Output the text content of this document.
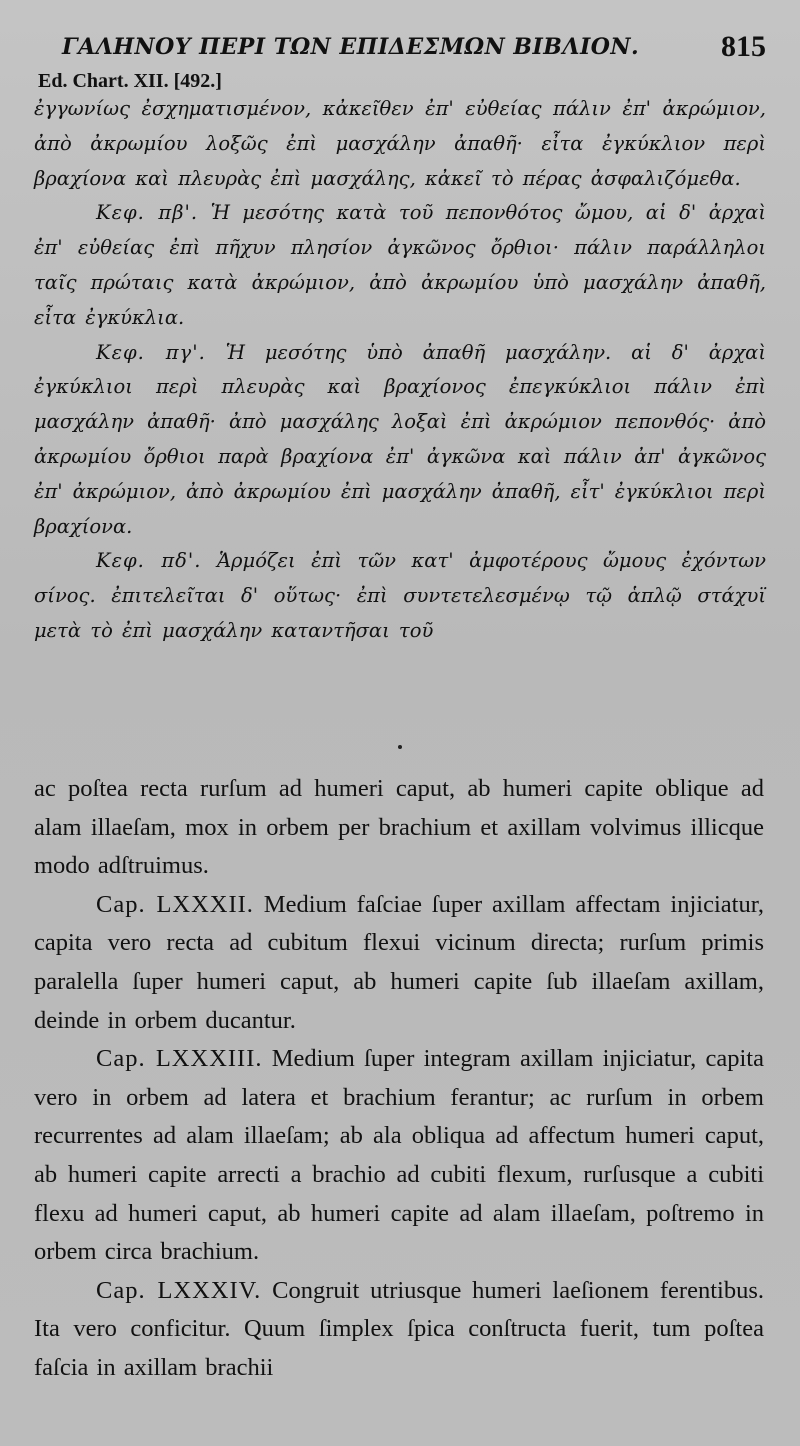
ΓΑΛΗΝΟΥ ΠΕΡΙ ΤΩΝ ΕΠΙΔΕΣΜΩΝ ΒΙΒΛΙΟΝ.	815
Ed. Chart. XII. [492.]

ἐγγωνίως ἐσχηματισμένον, κἀκεῖθεν ἐπ' εὐθείας πάλιν ἐπ' ἀκρώμιον, ἀπὸ ἀκρωμίου λοξῶς ἐπὶ μασχάλην ἀπαθῆ· εἶτα ἐγκύκλιον περὶ βραχίονα καὶ πλευρὰς ἐπὶ μασχάλης, κἀκεῖ τὸ πέρας ἀσφαλιζόμεθα.

Κεφ. πβ'. Ἡ μεσότης κατὰ τοῦ πεπονθότος ὤμου, αἱ δ' ἀρχαὶ ἐπ' εὐθείας ἐπὶ πῆχυν πλησίον ἀγκῶνος ὄρθιοι· πάλιν παράλληλοι ταῖς πρώταις κατὰ ἀκρώμιον, ἀπὸ ἀκρωμίου ὑπὸ μασχάλην ἀπαθῆ, εἶτα ἐγκύκλια.

Κεφ. πγ'. Ἡ μεσότης ὑπὸ ἀπαθῆ μασχάλην. αἱ δ' ἀρχαὶ ἐγκύκλιοι περὶ πλευρὰς καὶ βραχίονος ἐπεγκύκλιοι πάλιν ἐπὶ μασχάλην ἀπαθῆ· ἀπὸ μασχάλης λοξαὶ ἐπὶ ἀκρώμιον πεπονθός· ἀπὸ ἀκρωμίου ὄρθιοι παρὰ βραχίονα ἐπ' ἀγκῶνα καὶ πάλιν ἀπ' ἀγκῶνος ἐπ' ἀκρώμιον, ἀπὸ ἀκρωμίου ἐπὶ μασχάλην ἀπαθῆ, εἶτ' ἐγκύκλιοι περὶ βραχίονα.

Κεφ. πδ'. Ἁρμόζει ἐπὶ τῶν κατ' ἀμφοτέρους ὤμους ἐχόντων σίνος. ἐπιτελεῖται δ' οὕτως· ἐπὶ συντετελεσμένῳ τῷ ἁπλῷ στάχυϊ μετὰ τὸ ἐπὶ μασχάλην καταντῆσαι τοῦ

ac poſtea recta rurſum ad humeri caput, ab humeri capite oblique ad alam illaeſam, mox in orbem per brachium et axillam volvimus illicque modo adſtruimus.

Cap. LXXXII. Medium faſciae ſuper axillam affectam injiciatur, capita vero recta ad cubitum flexui vicinum directa; rurſum primis paralella ſuper humeri caput, ab humeri capite ſub illaeſam axillam, deinde in orbem ducantur.

Cap. LXXXIII. Medium ſuper integram axillam injiciatur, capita vero in orbem ad latera et brachium ferantur; ac rurſum in orbem recurrentes ad alam illaeſam; ab ala obliqua ad affectum humeri caput, ab humeri capite arrecti a brachio ad cubiti flexum, rurſusque a cubiti flexu ad humeri caput, ab humeri capite ad alam illaeſam, poſtremo in orbem circa brachium.

Cap. LXXXIV. Congruit utriusque humeri laeſionem ferentibus. Ita vero conficitur. Quum ſimplex ſpica conſtructa fuerit, tum poſtea faſcia in axillam brachii
